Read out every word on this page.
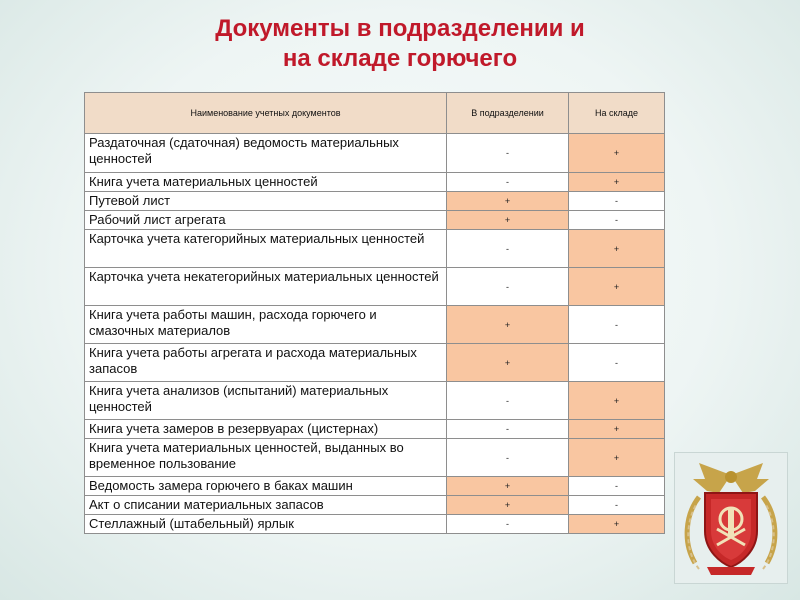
Документы в подразделении и
на складе горючего
Наименование учетных документов	В подразделении	На складе
Раздаточная (сдаточная) ведомость материальных ценностей	-	+
Книга учета материальных ценностей	-	+
Путевой лист	+	-
Рабочий лист агрегата	+	-
Карточка учета категорийных материальных ценностей	-	+
Карточка учета некатегорийных материальных ценностей	-	+
Книга учета работы машин, расхода горючего и смазочных материалов	+	-
Книга учета работы агрегата и расхода материальных запасов	+	-
Книга учета анализов (испытаний) материальных ценностей	-	+
Книга учета замеров в резервуарах (цистернах)	-	+
Книга учета материальных ценностей, выданных во временное пользование	-	+
Ведомость замера горючего в баках машин	+	-
Акт о списании материальных запасов	+	-
Стеллажный (штабельный) ярлык	-	+
